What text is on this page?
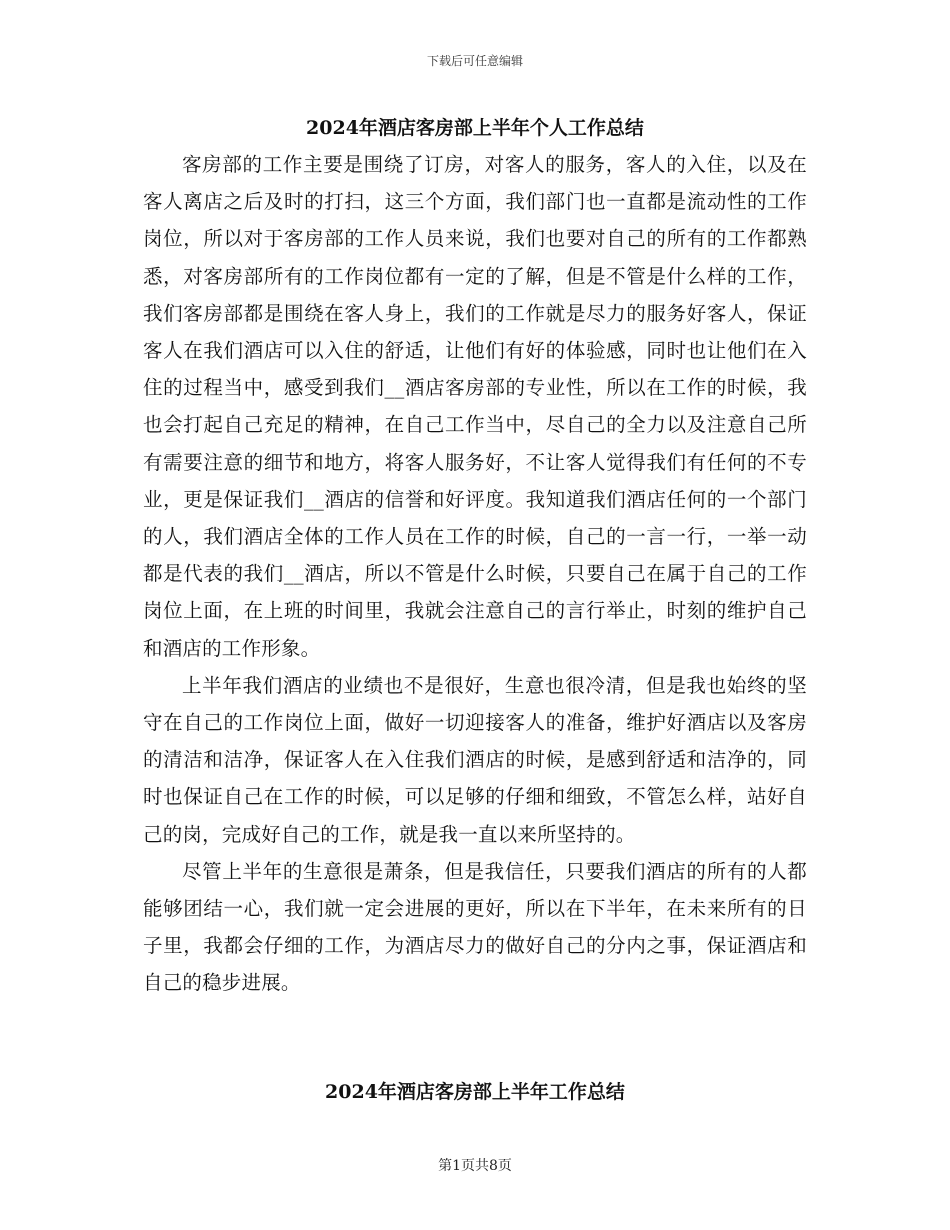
下载后可任意编辑
2024年酒店客房部上半年个人工作总结

客房部的工作主要是围绕了订房，对客人的服务，客人的入住，以及在客人离店之后及时的打扫，这三个方面，我们部门也一直都是流动性的工作岗位，所以对于客房部的工作人员来说，我们也要对自己的所有的工作都熟悉，对客房部所有的工作岗位都有一定的了解，但是不管是什么样的工作，我们客房部都是围绕在客人身上，我们的工作就是尽力的服务好客人，保证客人在我们酒店可以入住的舒适，让他们有好的体验感，同时也让他们在入住的过程当中，感受到我们__酒店客房部的专业性，所以在工作的时候，我也会打起自己充足的精神，在自己工作当中，尽自己的全力以及注意自己所有需要注意的细节和地方，将客人服务好，不让客人觉得我们有任何的不专业，更是保证我们__酒店的信誉和好评度。我知道我们酒店任何的一个部门的人，我们酒店全体的工作人员在工作的时候，自己的一言一行，一举一动都是代表的我们__酒店，所以不管是什么时候，只要自己在属于自己的工作岗位上面，在上班的时间里，我就会注意自己的言行举止，时刻的维护自己和酒店的工作形象。

上半年我们酒店的业绩也不是很好，生意也很冷清，但是我也始终的坚守在自己的工作岗位上面，做好一切迎接客人的准备，维护好酒店以及客房的清洁和洁净，保证客人在入住我们酒店的时候，是感到舒适和洁净的，同时也保证自己在工作的时候，可以足够的仔细和细致，不管怎么样，站好自己的岗，完成好自己的工作，就是我一直以来所坚持的。

尽管上半年的生意很是萧条，但是我信任，只要我们酒店的所有的人都能够团结一心，我们就一定会进展的更好，所以在下半年，在未来所有的日子里，我都会仔细的工作，为酒店尽力的做好自己的分内之事，保证酒店和自己的稳步进展。

2024年酒店客房部上半年工作总结
第1页共8页
